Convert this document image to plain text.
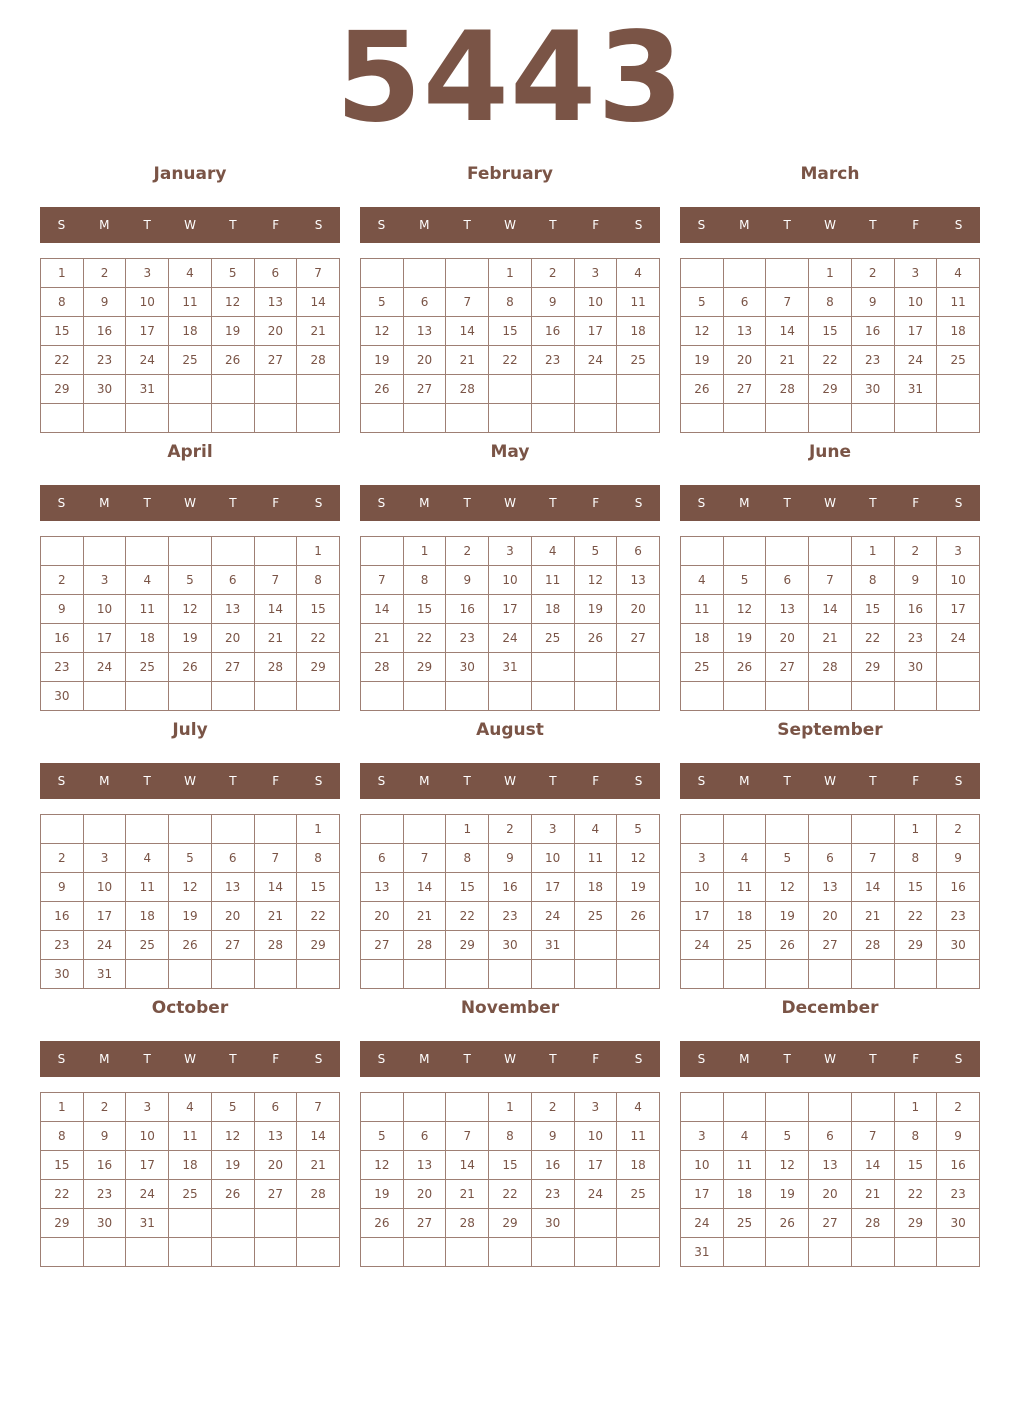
5443
January
S	M	T	W	T	F	S
1	2	3	4	5	6	7
8	9	10	11	12	13	14
15	16	17	18	19	20	21
22	23	24	25	26	27	28
29	30	31				

February
S	M	T	W	T	F	S
			1	2	3	4
5	6	7	8	9	10	11
12	13	14	15	16	17	18
19	20	21	22	23	24	25
26	27	28				

March
S	M	T	W	T	F	S
			1	2	3	4
5	6	7	8	9	10	11
12	13	14	15	16	17	18
19	20	21	22	23	24	25
26	27	28	29	30	31	

April
S	M	T	W	T	F	S
						1
2	3	4	5	6	7	8
9	10	11	12	13	14	15
16	17	18	19	20	21	22
23	24	25	26	27	28	29
30						
May
S	M	T	W	T	F	S
	1	2	3	4	5	6
7	8	9	10	11	12	13
14	15	16	17	18	19	20
21	22	23	24	25	26	27
28	29	30	31			

June
S	M	T	W	T	F	S
				1	2	3
4	5	6	7	8	9	10
11	12	13	14	15	16	17
18	19	20	21	22	23	24
25	26	27	28	29	30	

July
S	M	T	W	T	F	S
						1
2	3	4	5	6	7	8
9	10	11	12	13	14	15
16	17	18	19	20	21	22
23	24	25	26	27	28	29
30	31					
August
S	M	T	W	T	F	S
		1	2	3	4	5
6	7	8	9	10	11	12
13	14	15	16	17	18	19
20	21	22	23	24	25	26
27	28	29	30	31		

September
S	M	T	W	T	F	S
					1	2
3	4	5	6	7	8	9
10	11	12	13	14	15	16
17	18	19	20	21	22	23
24	25	26	27	28	29	30

October
S	M	T	W	T	F	S
1	2	3	4	5	6	7
8	9	10	11	12	13	14
15	16	17	18	19	20	21
22	23	24	25	26	27	28
29	30	31				

November
S	M	T	W	T	F	S
			1	2	3	4
5	6	7	8	9	10	11
12	13	14	15	16	17	18
19	20	21	22	23	24	25
26	27	28	29	30		

December
S	M	T	W	T	F	S
					1	2
3	4	5	6	7	8	9
10	11	12	13	14	15	16
17	18	19	20	21	22	23
24	25	26	27	28	29	30
31						
